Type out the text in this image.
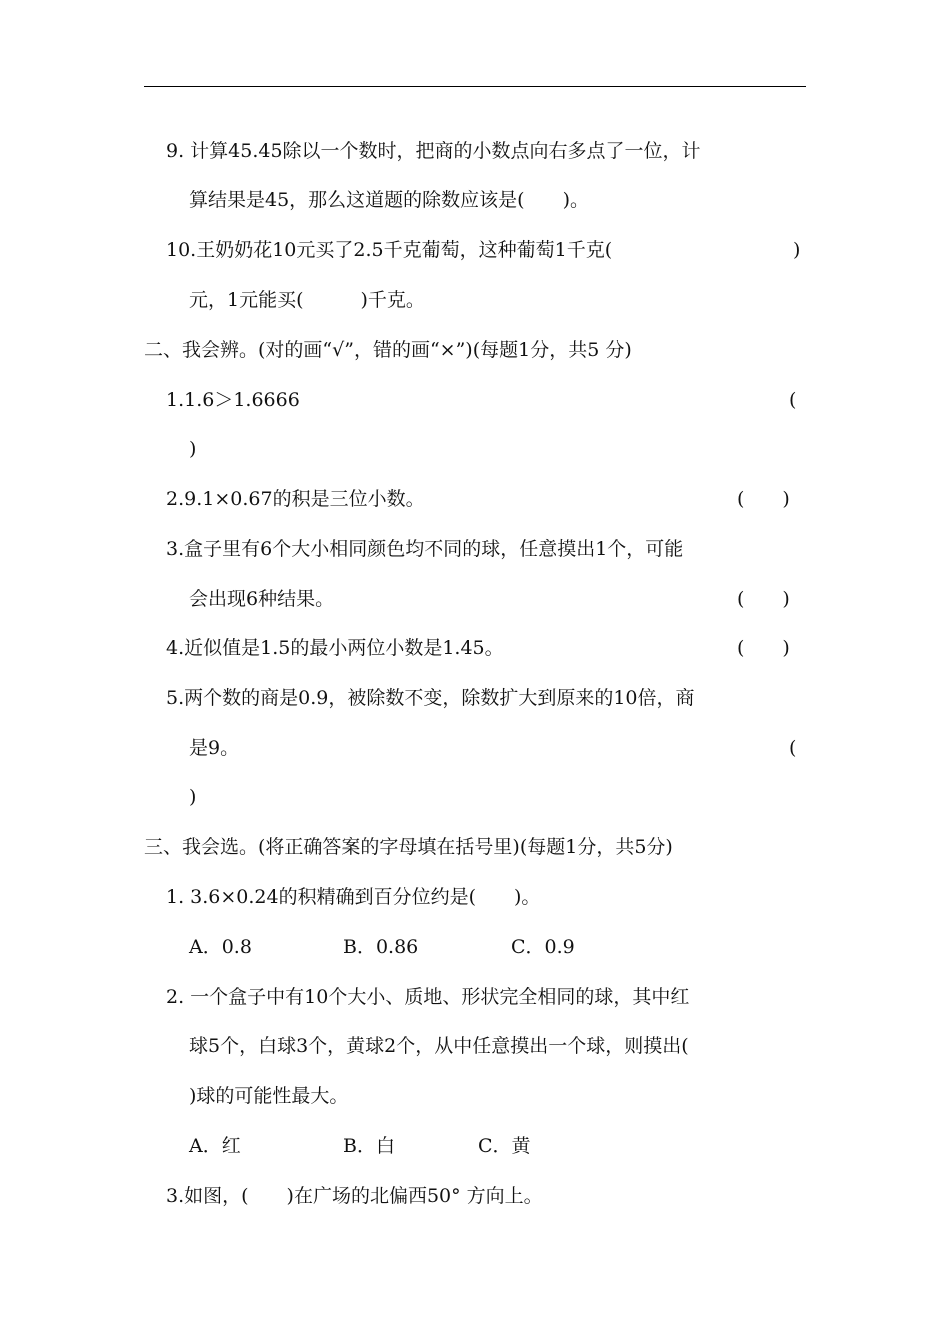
9. 计算45.45除以一个数时，把商的小数点向右多点了一位，计
算结果是45，那么这道题的除数应该是(　　)。
10.王奶奶花10元买了2.5千克葡萄，这种葡萄1千克(	)
元，1元能买(　　　)千克。
二、我会辨。(对的画“√”，错的画“×”)(每题1分，共5 分)
1.1.6＞1.6666	(
)
2.9.1×0.67的积是三位小数。	(　　)
3.盒子里有6个大小相同颜色均不同的球，任意摸出1个，可能
会出现6种结果。	(　　)
4.近似值是1.5的最小两位小数是1.45。	(　　)
5.两个数的商是0.9，被除数不变，除数扩大到原来的10倍，商
是9。	(
)
三、我会选。(将正确答案的字母填在括号里)(每题1分，共5分)
1. 3.6×0.24的积精确到百分位约是(　　)。
A．0.8	B．0.86	C．0.9
2. 一个盒子中有10个大小、质地、形状完全相同的球，其中红
球5个，白球3个，黄球2个，从中任意摸出一个球，则摸出(
)球的可能性最大。
A．红	B．白	C．黄
3.如图，(　　)在广场的北偏西50° 方向上。
